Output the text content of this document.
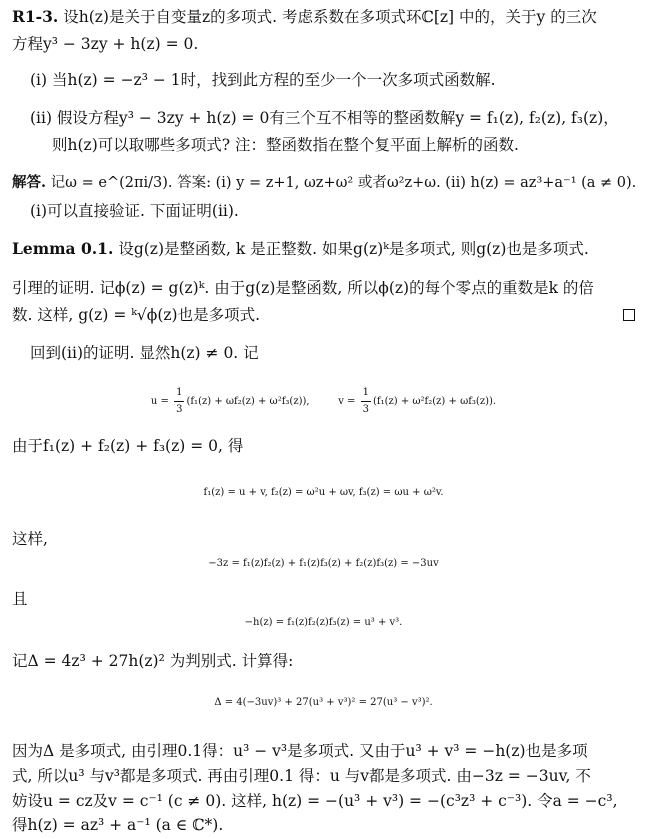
R1-3. 设h(z)是关于自变量z的多项式. 考虑系数在多项式环ℂ[z] 中的，关于y 的三次
方程y³ − 3zy + h(z) = 0.
(i) 当h(z) = −z³ − 1时，找到此方程的至少一个一次多项式函数解.
(ii) 假设方程y³ − 3zy + h(z) = 0有三个互不相等的整函数解y = f₁(z), f₂(z), f₃(z)，
则h(z)可以取哪些多项式? 注：整函数指在整个复平面上解析的函数.
解答. 记ω = e^(2πi/3). 答案: (i) y = z+1, ωz+ω² 或者ω²z+ω. (ii) h(z) = az³+a⁻¹ (a ≠ 0).
(i)可以直接验证. 下面证明(ii).
Lemma 0.1. 设g(z)是整函数, k 是正整数. 如果g(z)ᵏ是多项式, 则g(z)也是多项式.
引理的证明. 记ϕ(z) = g(z)ᵏ. 由于g(z)是整函数, 所以ϕ(z)的每个零点的重数是k 的倍
数. 这样, g(z) = ᵏ√ϕ(z)也是多项式.
回到(ii)的证明. 显然h(z) ≠ 0. 记
$u = \frac{1}{3} (f_1(z) + \omega f_2(z) + \omega^2f_3(z))$,	$v = \frac{1}{3} (f_1(z) + \omega^2f_2(z) + \omega f_3(z))$.
由于f₁(z) + f₂(z) + f₃(z) = 0, 得
f₁(z) = u + v, f₂(z) = ω²u + ωv, f₃(z) = ωu + ω²v.
这样,
−3z = f₁(z)f₂(z) + f₁(z)f₃(z) + f₂(z)f₃(z) = −3uv
且
−h(z) = f₁(z)f₂(z)f₃(z) = u³ + v³.
记Δ = 4z³ + 27h(z)² 为判别式. 计算得:
Δ = 4(−3uv)³ + 27(u³ + v³)² = 27(u³ − v³)².
因为Δ 是多项式, 由引理0.1得：u³ − v³是多项式. 又由于u³ + v³ = −h(z)也是多项
式, 所以u³ 与v³都是多项式. 再由引理0.1 得：u 与v都是多项式. 由−3z = −3uv, 不
妨设u = cz及v = c⁻¹ (c ≠ 0). 这样, h(z) = −(u³ + v³) = −(c³z³ + c⁻³). 令a = −c³,
得h(z) = az³ + a⁻¹ (a ∈ ℂ*).
